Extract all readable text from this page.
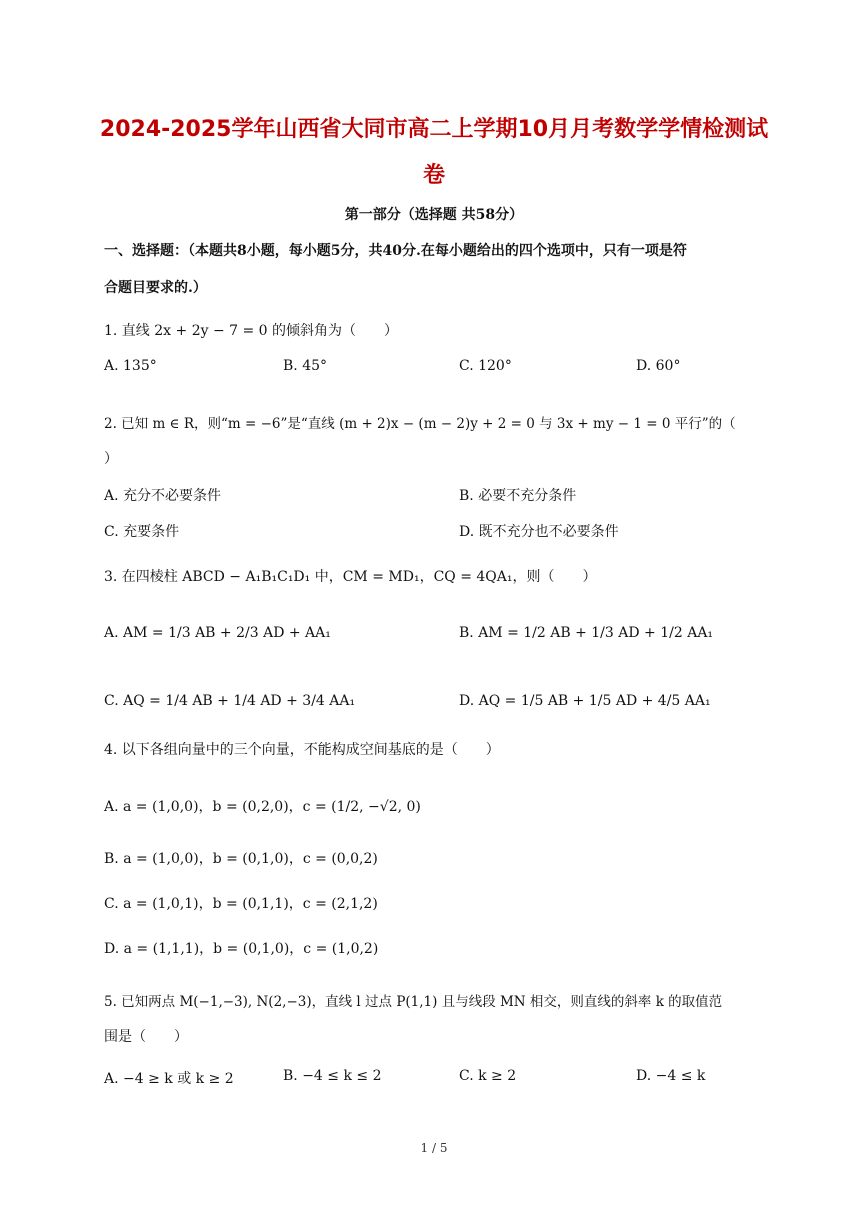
2024-2025学年山西省大同市高二上学期10月月考数学学情检测试
卷
第一部分（选择题 共58分）
一、选择题：（本题共8小题，每小题5分，共40分.在每小题给出的四个选项中，只有一项是符
合题目要求的.）
1. 直线 2x + 2y − 7 = 0 的倾斜角为（　　）
A. 135°	B. 45°	C. 120°	D. 60°
2. 已知 m ∈ R，则“m = −6”是“直线 (m + 2)x − (m − 2)y + 2 = 0 与 3x + my − 1 = 0 平行”的（
）
A. 充分不必要条件	B. 必要不充分条件
C. 充要条件	D. 既不充分也不必要条件
3. 在四棱柱 ABCD − A₁B₁C₁D₁ 中，CM = MD₁，CQ = 4QA₁，则（　　）
A. AM = 1/3 AB + 2/3 AD + AA₁	B. AM = 1/2 AB + 1/3 AD + 1/2 AA₁
C. AQ = 1/4 AB + 1/4 AD + 3/4 AA₁	D. AQ = 1/5 AB + 1/5 AD + 4/5 AA₁
4. 以下各组向量中的三个向量，不能构成空间基底的是（　　）
A. a = (1,0,0)，b = (0,2,0)，c = (1/2, −√2, 0)
B. a = (1,0,0)，b = (0,1,0)，c = (0,0,2)
C. a = (1,0,1)，b = (0,1,1)，c = (2,1,2)
D. a = (1,1,1)，b = (0,1,0)，c = (1,0,2)
5. 已知两点 M(−1,−3), N(2,−3)，直线 l 过点 P(1,1) 且与线段 MN 相交，则直线的斜率 k 的取值范
围是（　　）
A. −4 ≥ k 或 k ≥ 2	B. −4 ≤ k ≤ 2	C. k ≥ 2	D. −4 ≤ k
1 / 5
